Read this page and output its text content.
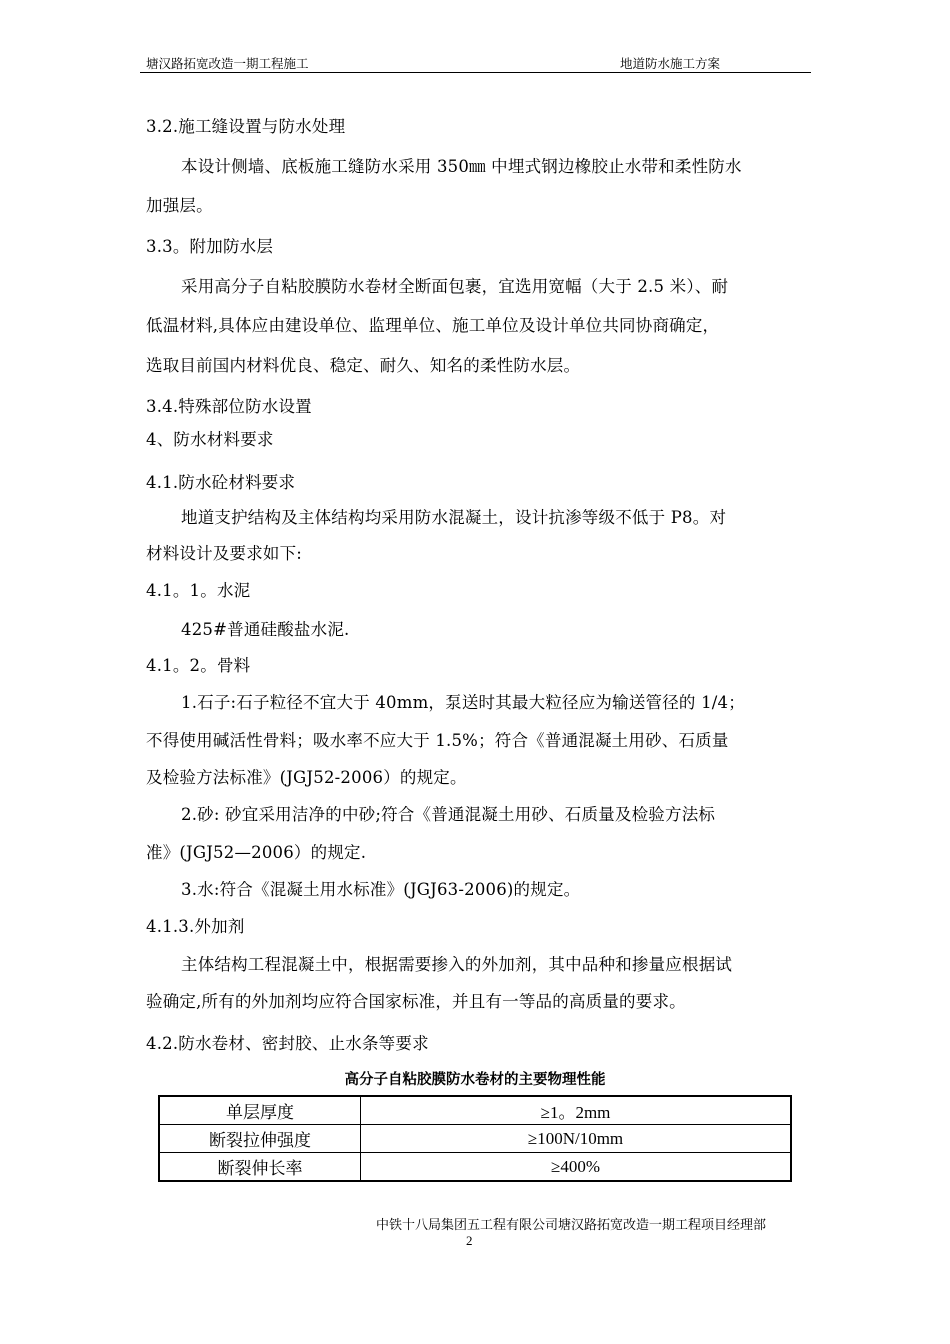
塘汉路拓宽改造一期工程施工	地道防水施工方案
3.2.施工缝设置与防水处理
本设计侧墙、底板施工缝防水采用 350㎜ 中埋式钢边橡胶止水带和柔性防水
加强层。
3.3。附加防水层
采用高分子自粘胶膜防水卷材全断面包裹，宜选用宽幅（大于 2.5 米）、耐
低温材料,具体应由建设单位、监理单位、施工单位及设计单位共同协商确定，
选取目前国内材料优良、稳定、耐久、知名的柔性防水层。
3.4.特殊部位防水设置
4、防水材料要求
4.1.防水砼材料要求
地道支护结构及主体结构均采用防水混凝土，设计抗渗等级不低于 P8。对
材料设计及要求如下:
4.1。1。水泥
425#普通硅酸盐水泥.
4.1。2。骨料
1.石子:石子粒径不宜大于 40mm，泵送时其最大粒径应为输送管径的 1/4；
不得使用碱活性骨料；吸水率不应大于 1.5%；符合《普通混凝土用砂、石质量
及检验方法标准》(JGJ52-2006）的规定。
2.砂: 砂宜采用洁净的中砂;符合《普通混凝土用砂、石质量及检验方法标
准》(JGJ52—2006）的规定.
3.水:符合《混凝土用水标准》(JGJ63-2006)的规定。
4.1.3.外加剂
主体结构工程混凝土中，根据需要掺入的外加剂，其中品种和掺量应根据试
验确定,所有的外加剂均应符合国家标准，并且有一等品的高质量的要求。
4.2.防水卷材、密封胶、止水条等要求
高分子自粘胶膜防水卷材的主要物理性能
单层厚度	≥1。2mm
断裂拉伸强度	≥100N/10mm
断裂伸长率	≥400%
中铁十八局集团五工程有限公司塘汉路拓宽改造一期工程项目经理部
2
